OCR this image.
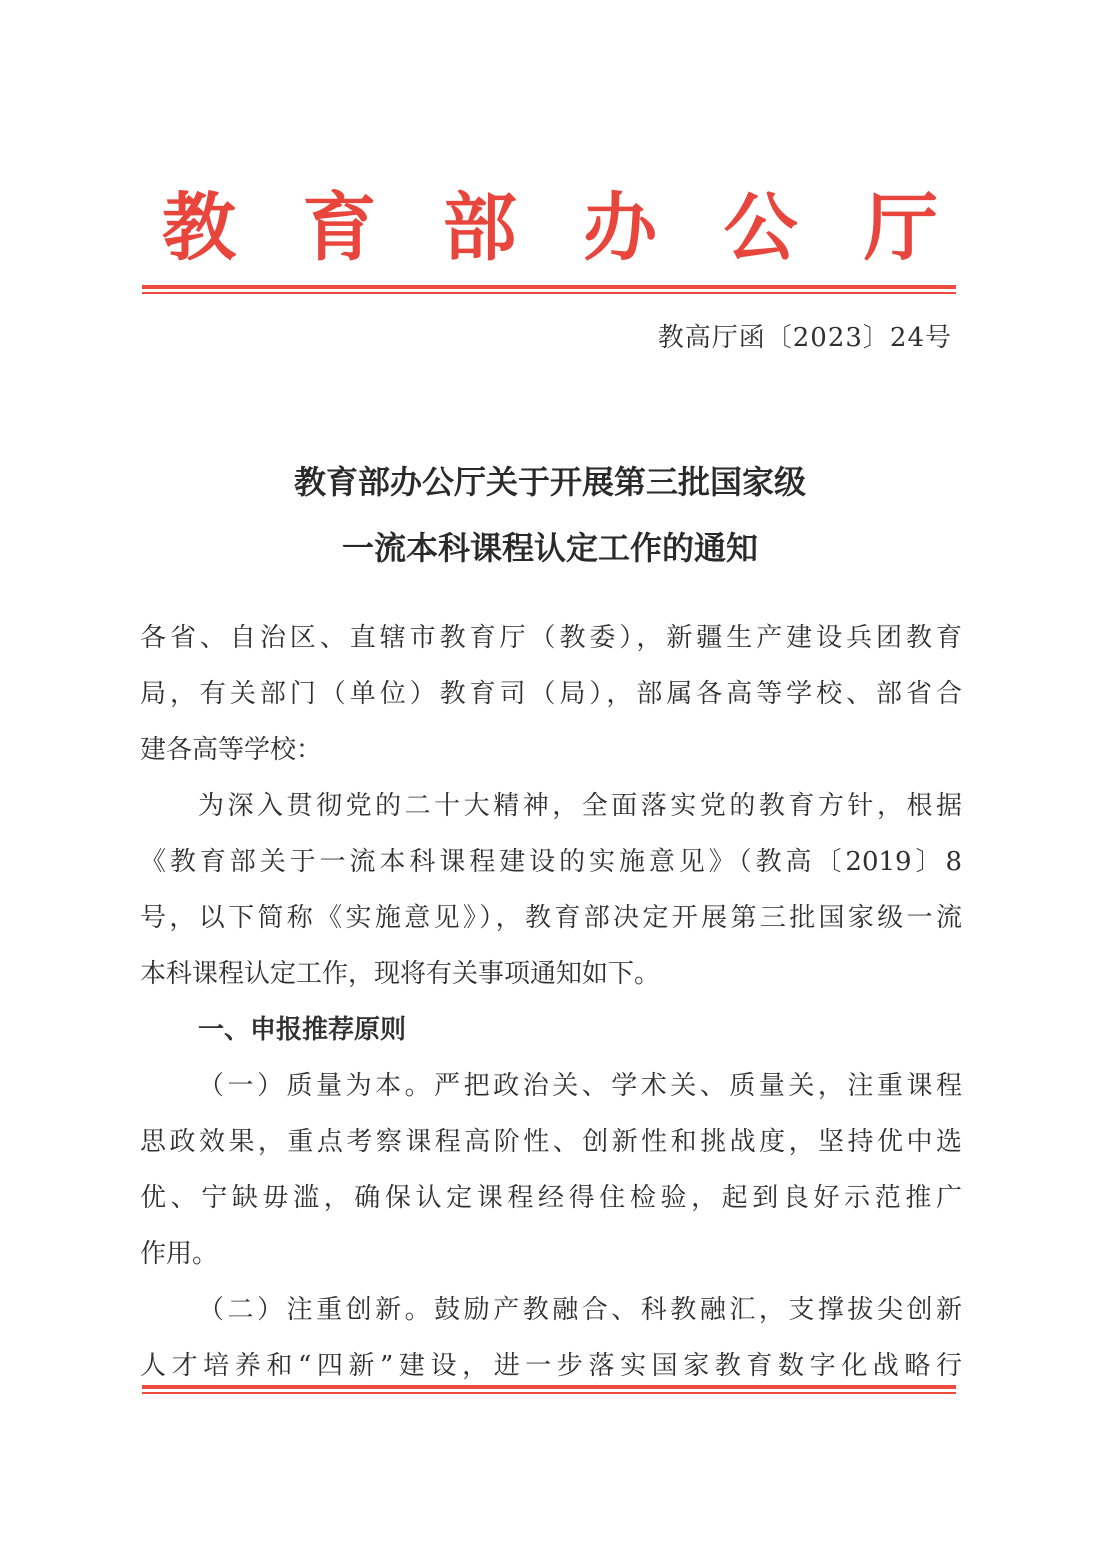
教 育 部 办 公 厅
教高厅函〔2023〕24号
教育部办公厅关于开展第三批国家级
一流本科课程认定工作的通知
各省、自治区、直辖市教育厅（教委），新疆生产建设兵团教育
局，有关部门（单位）教育司（局），部属各高等学校、部省合
建各高等学校：
为深入贯彻党的二十大精神，全面落实党的教育方针，根据
《教育部关于一流本科课程建设的实施意见》（教高〔2019〕8
号，以下简称《实施意见》），教育部决定开展第三批国家级一流
本科课程认定工作，现将有关事项通知如下。
一、申报推荐原则
（一）质量为本。严把政治关、学术关、质量关，注重课程
思政效果，重点考察课程高阶性、创新性和挑战度，坚持优中选
优、宁缺毋滥，确保认定课程经得住检验，起到良好示范推广
作用。
（二）注重创新。鼓励产教融合、科教融汇，支撑拔尖创新
人才培养和“四新”建设，进一步落实国家教育数字化战略行
